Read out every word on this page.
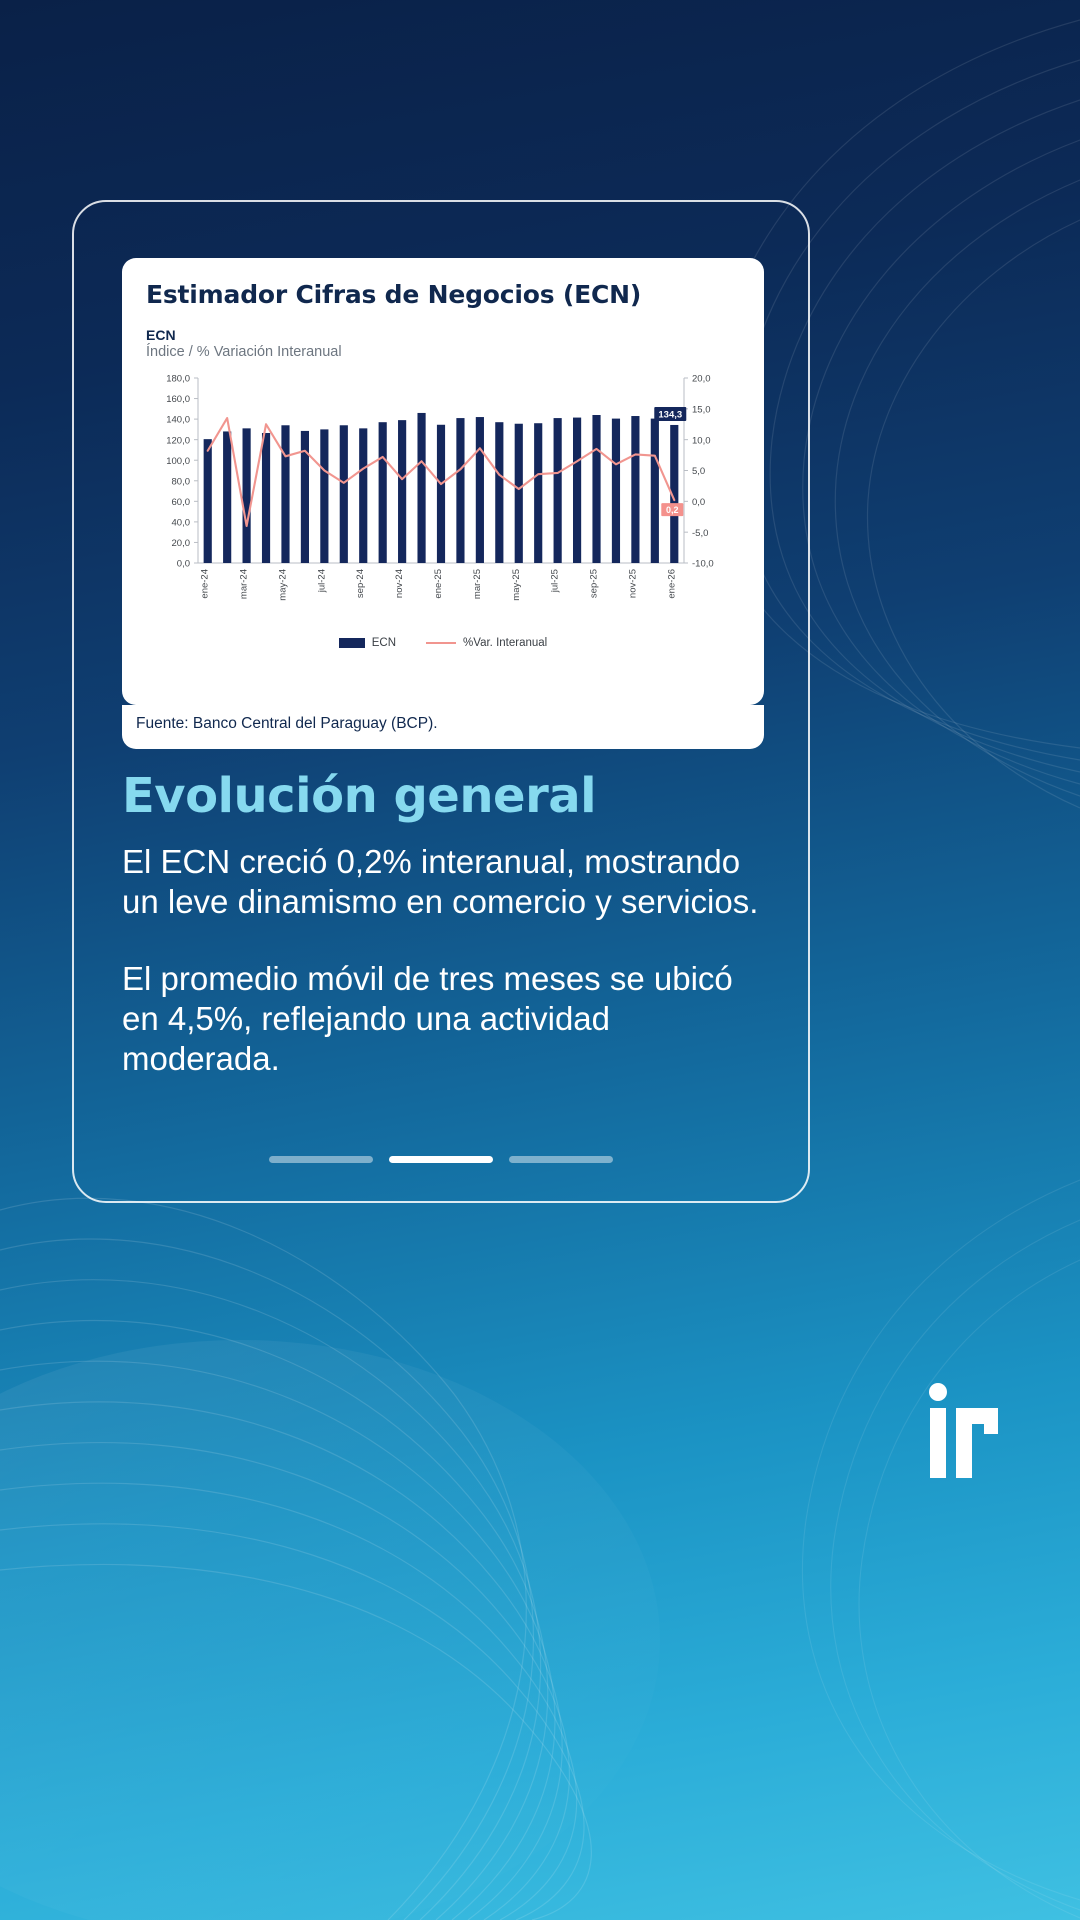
Estimador Cifras de Negocios (ECN)
ECN
Índice / % Variación Interanual
0,0
20,0
40,0
60,0
80,0
100,0
120,0
140,0
160,0
180,0
-10,0
-5,0
0,0
5,0
10,0
15,0
20,0
ene-24	mar-24	may-24	jul-24	sep-24	nov-24	ene-25	mar-25	may-25	jul-25	sep-25	nov-25	ene-26
134,3
0,2
ECN	%Var. Interanual
Fuente: Banco Central del Paraguay (BCP).
Evolución general

El ECN creció 0,2% interanual, mostrando un leve dinamismo en comercio y servicios.

El promedio móvil de tres meses se ubicó en 4,5%, reflejando una actividad moderada.
